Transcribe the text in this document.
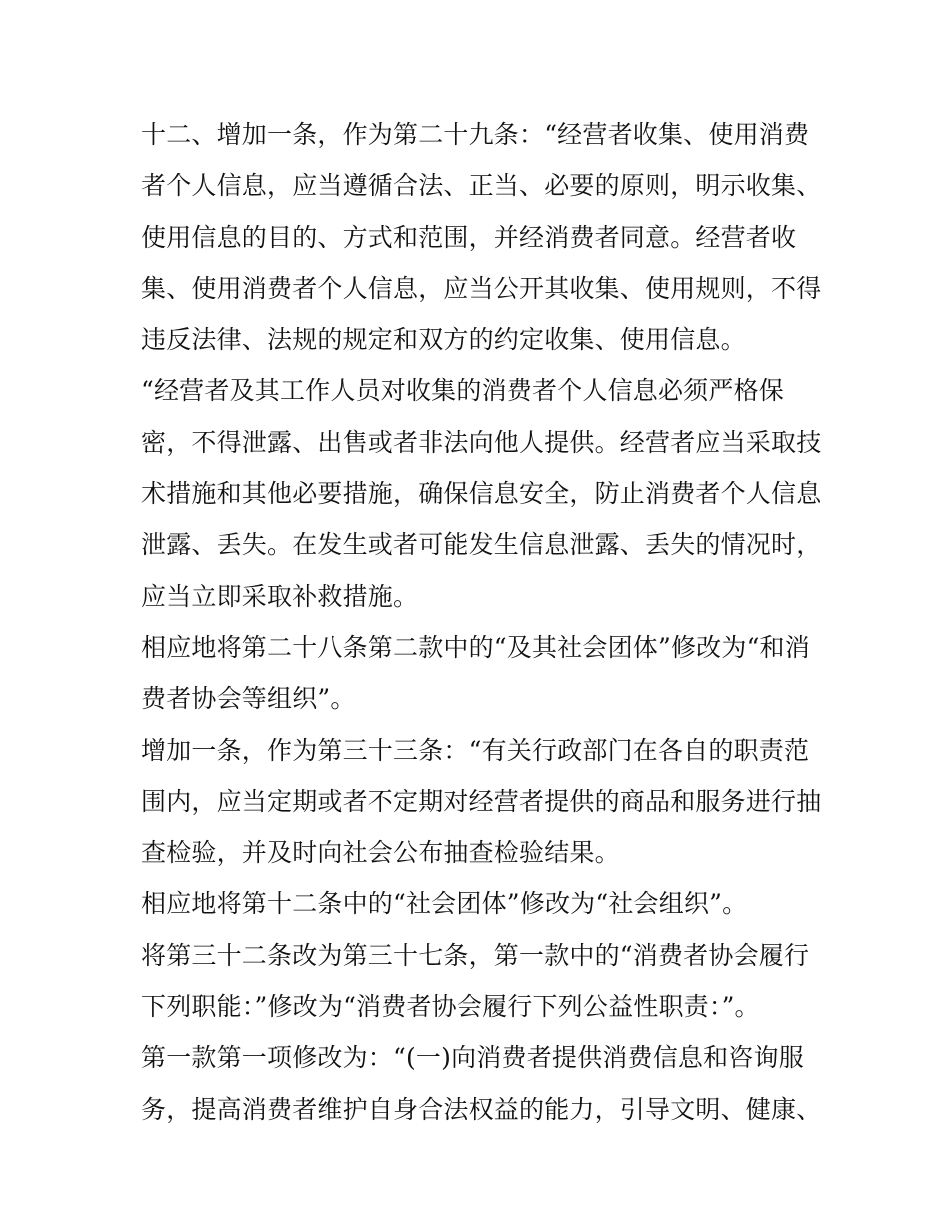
十二、增加一条，作为第二十九条：“经营者收集、使用消费
者个人信息，应当遵循合法、正当、必要的原则，明示收集、
使用信息的目的、方式和范围，并经消费者同意。经营者收
集、使用消费者个人信息，应当公开其收集、使用规则，不得
违反法律、法规的规定和双方的约定收集、使用信息。
“经营者及其工作人员对收集的消费者个人信息必须严格保
密，不得泄露、出售或者非法向他人提供。经营者应当采取技
术措施和其他必要措施，确保信息安全，防止消费者个人信息
泄露、丢失。在发生或者可能发生信息泄露、丢失的情况时，
应当立即采取补救措施。
相应地将第二十八条第二款中的“及其社会团体”修改为“和消
费者协会等组织”。
增加一条，作为第三十三条：“有关行政部门在各自的职责范
围内，应当定期或者不定期对经营者提供的商品和服务进行抽
查检验，并及时向社会公布抽查检验结果。
相应地将第十二条中的“社会团体”修改为“社会组织”。
将第三十二条改为第三十七条，第一款中的“消费者协会履行
下列职能：”修改为“消费者协会履行下列公益性职责：”。
第一款第一项修改为：“(一)向消费者提供消费信息和咨询服
务，提高消费者维护自身合法权益的能力，引导文明、健康、
